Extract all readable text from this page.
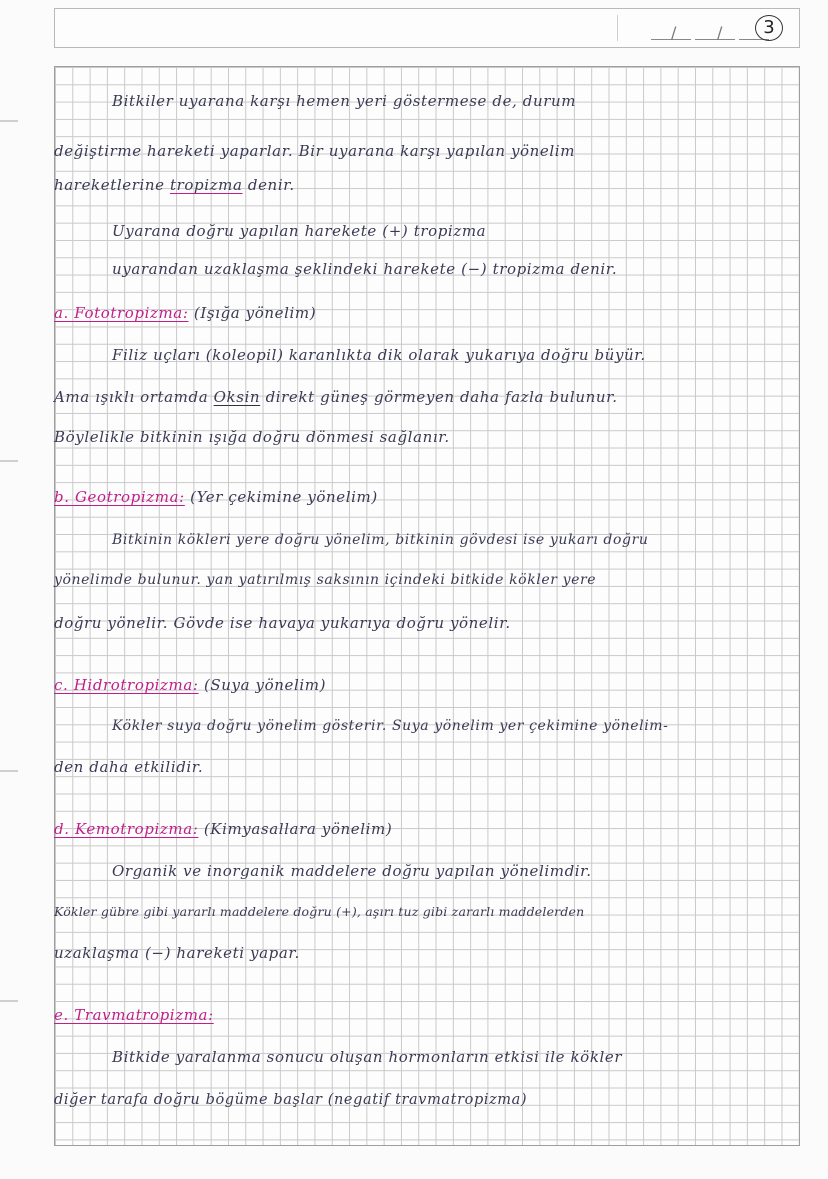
/	/	3
Bitkiler uyarana karşı hemen yeri göstermese de, durum
değiştirme hareketi yaparlar. Bir uyarana karşı yapılan yönelim
hareketlerine tropizma denir.
Uyarana doğru yapılan harekete (+) tropizma
uyarandan uzaklaşma şeklindeki harekete (−) tropizma denir.
a. Fototropizma: (Işığa yönelim)
Filiz uçları (koleopil) karanlıkta dik olarak yukarıya doğru büyür.
Ama ışıklı ortamda Oksin direkt güneş görmeyen daha fazla bulunur.
Böylelikle bitkinin ışığa doğru dönmesi sağlanır.
b. Geotropizma: (Yer çekimine yönelim)
Bitkinin kökleri yere doğru yönelim, bitkinin gövdesi ise yukarı doğru
yönelimde bulunur. yan yatırılmış saksının içindeki bitkide kökler yere
doğru yönelir. Gövde ise havaya yukarıya doğru yönelir.
c. Hidrotropizma: (Suya yönelim)
Kökler suya doğru yönelim gösterir. Suya yönelim yer çekimine yönelim-
den daha etkilidir.
d. Kemotropizma: (Kimyasallara yönelim)
Organik ve inorganik maddelere doğru yapılan yönelimdir.
Kökler gübre gibi yararlı maddelere doğru (+), aşırı tuz gibi zararlı maddelerden
uzaklaşma (−) hareketi yapar.
e. Travmatropizma:
Bitkide yaralanma sonucu oluşan hormonların etkisi ile kökler
diğer tarafa doğru bögüme başlar (negatif travmatropizma)
